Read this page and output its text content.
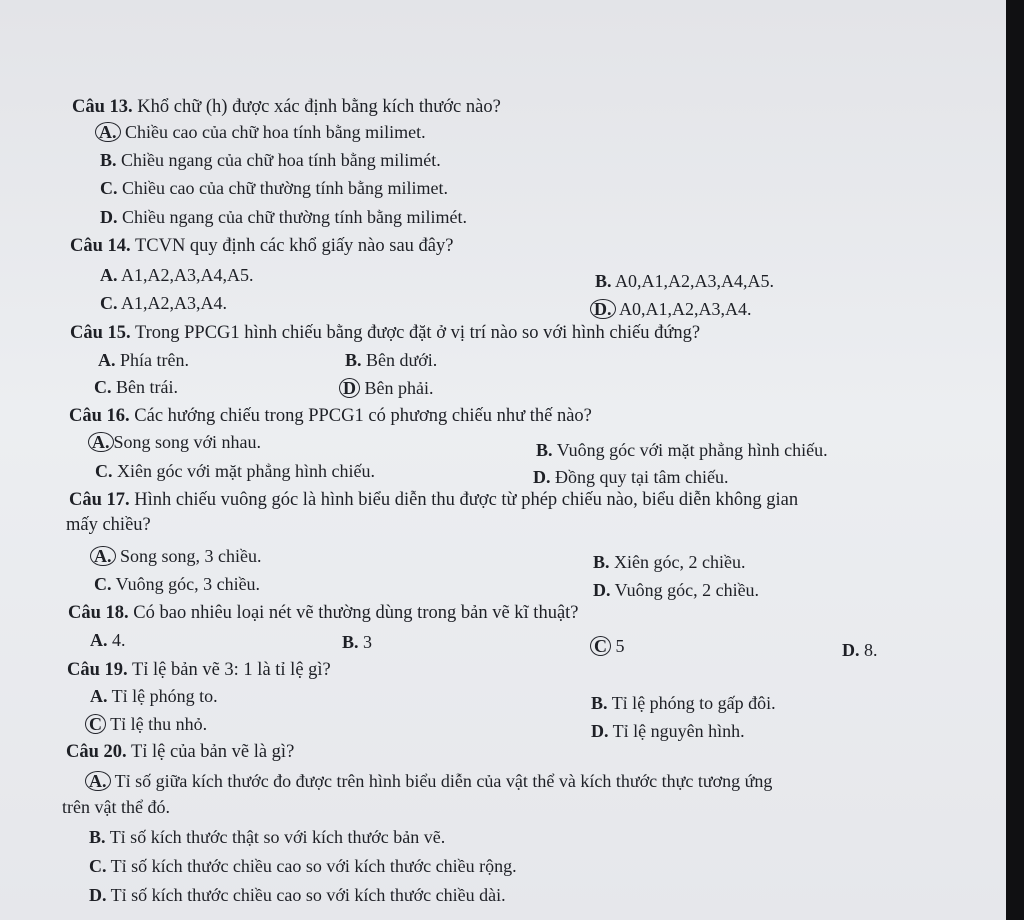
Câu 13. Khổ chữ (h) được xác định bằng kích thước nào?
A. Chiều cao của chữ hoa tính bằng milimet.
B. Chiều ngang của chữ hoa tính bằng milimét.
C. Chiều cao của chữ thường tính bằng milimet.
D. Chiều ngang của chữ thường tính bằng milimét.
Câu 14. TCVN quy định các khổ giấy nào sau đây?
A. A1,A2,A3,A4,A5.	B. A0,A1,A2,A3,A4,A5.
C. A1,A2,A3,A4.	D. A0,A1,A2,A3,A4.
Câu 15. Trong PPCG1 hình chiếu bằng được đặt ở vị trí nào so với hình chiếu đứng?
A. Phía trên.	B. Bên dưới.
C. Bên trái.	D Bên phải.
Câu 16. Các hướng chiếu trong PPCG1 có phương chiếu như thế nào?
A. Song song với nhau.	B. Vuông góc với mặt phẳng hình chiếu.
C. Xiên góc với mặt phẳng hình chiếu.	D. Đồng quy tại tâm chiếu.
Câu 17. Hình chiếu vuông góc là hình biểu diễn thu được từ phép chiếu nào, biểu diễn không gian
mấy chiều?
A. Song song, 3 chiều.	B. Xiên góc, 2 chiều.
C. Vuông góc, 3 chiều.	D. Vuông góc, 2 chiều.
Câu 18. Có bao nhiêu loại nét vẽ thường dùng trong bản vẽ kĩ thuật?
A. 4.	B. 3	C 5	D. 8.
Câu 19. Tỉ lệ bản vẽ 3: 1 là tỉ lệ gì?
A. Tỉ lệ phóng to.	B. Tỉ lệ phóng to gấp đôi.
C Tỉ lệ thu nhỏ.	D. Tỉ lệ nguyên hình.
Câu 20. Tỉ lệ của bản vẽ là gì?
A. Tỉ số giữa kích thước đo được trên hình biểu diễn của vật thể và kích thước thực tương ứng
trên vật thể đó.
B. Tỉ số kích thước thật so với kích thước bản vẽ.
C. Tỉ số kích thước chiều cao so với kích thước chiều rộng.
D. Tỉ số kích thước chiều cao so với kích thước chiều dài.
